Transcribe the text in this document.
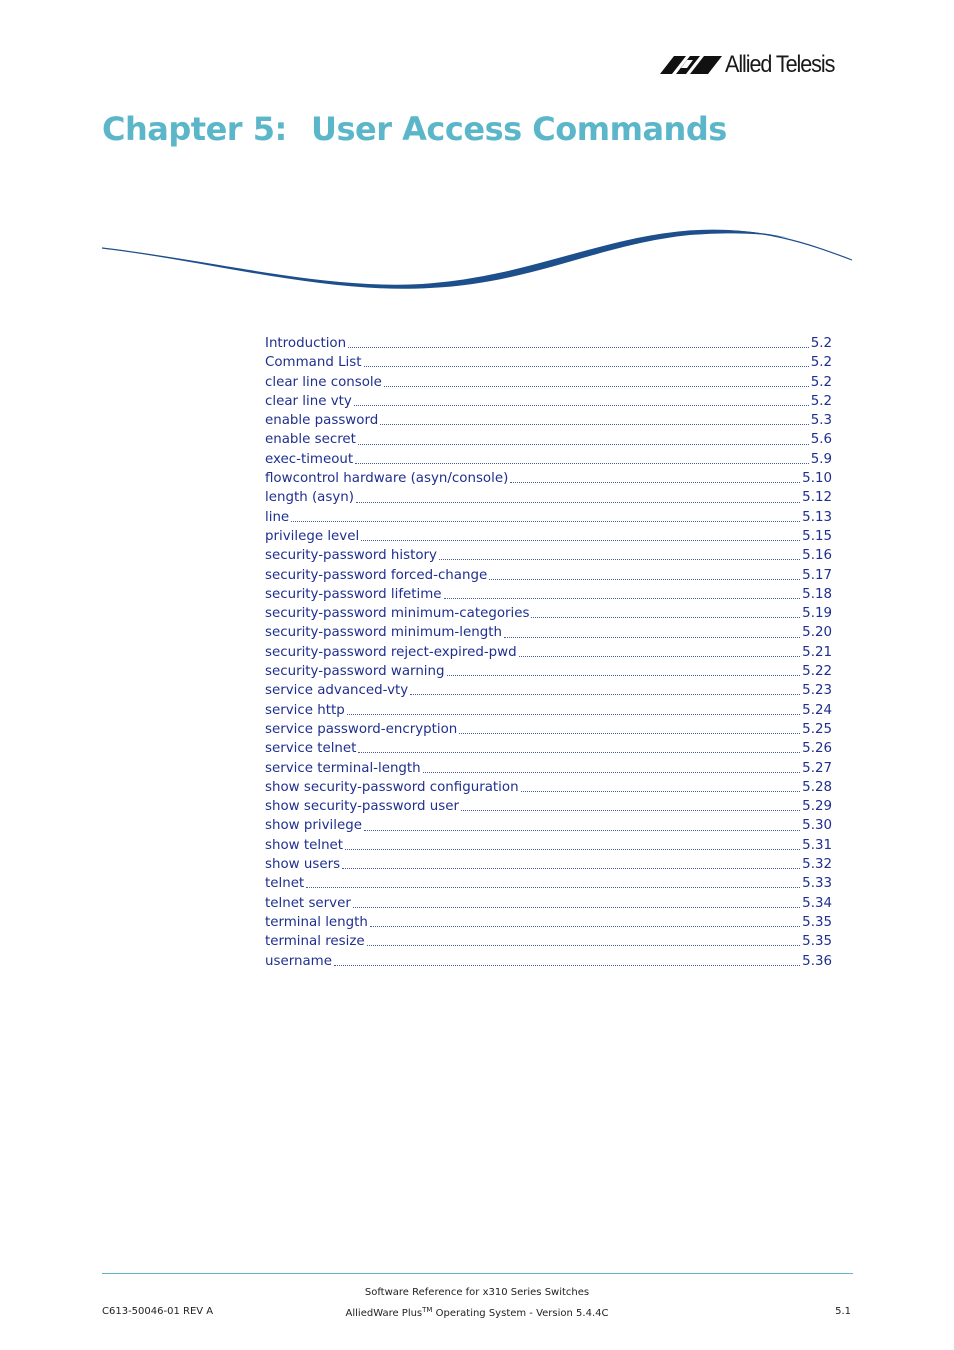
Allied Telesis
Chapter 5: User Access Commands
Introduction	5.2
Command List	5.2
clear line console	5.2
clear line vty	5.2
enable password	5.3
enable secret	5.6
exec-timeout	5.9
flowcontrol hardware (asyn/console)	5.10
length (asyn)	5.12
line	5.13
privilege level	5.15
security-password history	5.16
security-password forced-change	5.17
security-password lifetime	5.18
security-password minimum-categories	5.19
security-password minimum-length	5.20
security-password reject-expired-pwd	5.21
security-password warning	5.22
service advanced-vty	5.23
service http	5.24
service password-encryption	5.25
service telnet	5.26
service terminal-length	5.27
show security-password configuration	5.28
show security-password user	5.29
show privilege	5.30
show telnet	5.31
show users	5.32
telnet	5.33
telnet server	5.34
terminal length	5.35
terminal resize	5.35
username	5.36
Software Reference for x310 Series Switches
C613-50046-01 REV A	AlliedWare Plus™ Operating System - Version 5.4.4C	5.1
